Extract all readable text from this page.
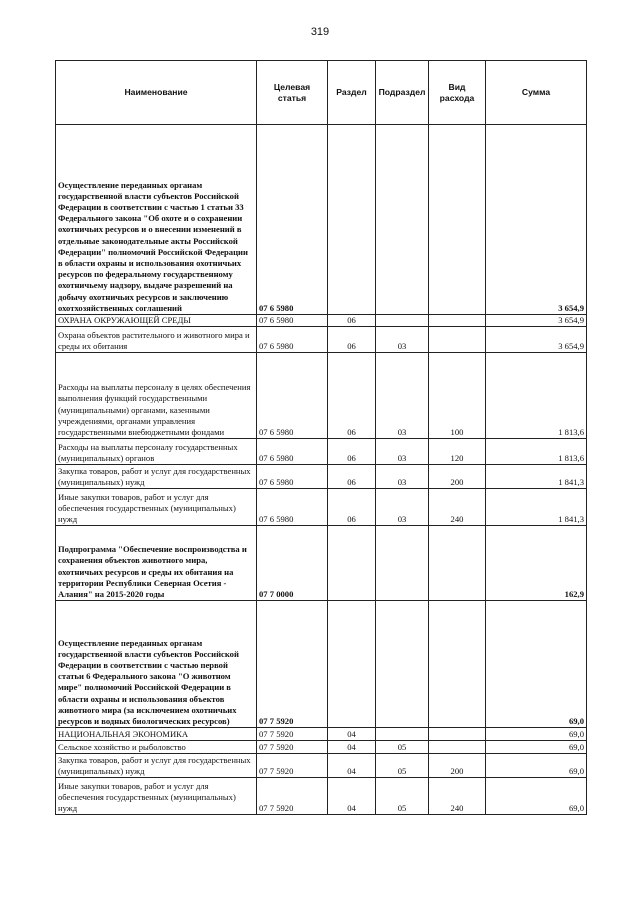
319
Наименование	Целевая статья	Раздел	Подраздел	Вид расхода	Сумма
Осуществление переданных органам государственной власти субъектов Российской Федерации в соответствии с частью 1 статьи 33 Федерального закона "Об охоте и о сохранении охотничьих ресурсов и о внесении изменений в отдельные законодательные акты Российской Федерации" полномочий Российской Федерации в области охраны и использования охотничьих ресурсов по федеральному государственному охотничьему надзору, выдаче разрешений на добычу охотничьих ресурсов и заключению охотхозяйственных соглашений	07 6 5980				3 654,9
ОХРАНА ОКРУЖАЮЩЕЙ СРЕДЫ	07 6 5980	06			3 654,9
Охрана объектов растительного и животного мира и среды их обитания	07 6 5980	06	03		3 654,9
Расходы на выплаты персоналу в целях обеспечения выполнения функций государственными (муниципальными) органами, казенными учреждениями, органами управления государственными внебюджетными фондами	07 6 5980	06	03	100	1 813,6
Расходы на выплаты персоналу государственных (муниципальных) органов	07 6 5980	06	03	120	1 813,6
Закупка товаров, работ и услуг для государственных (муниципальных) нужд	07 6 5980	06	03	200	1 841,3
Иные закупки товаров, работ и услуг для обеспечения государственных (муниципальных) нужд	07 6 5980	06	03	240	1 841,3
Подпрограмма "Обеспечение воспроизводства и сохранения объектов животного мира, охотничьих ресурсов и среды их обитания на территории Республики Северная Осетия - Алания" на 2015-2020 годы	07 7 0000				162,9
Осуществление переданных органам государственной власти субъектов Российской Федерации в соответствии с частью первой статьи 6 Федерального закона "О животном мире" полномочий Российской Федерации в области охраны и использования объектов животного мира (за исключением охотничьих ресурсов и водных биологических ресурсов)	07 7 5920				69,0
НАЦИОНАЛЬНАЯ ЭКОНОМИКА	07 7 5920	04			69,0
Сельское хозяйство и рыболовство	07 7 5920	04	05		69,0
Закупка товаров, работ и услуг для государственных (муниципальных) нужд	07 7 5920	04	05	200	69,0
Иные закупки товаров, работ и услуг для обеспечения государственных (муниципальных) нужд	07 7 5920	04	05	240	69,0
